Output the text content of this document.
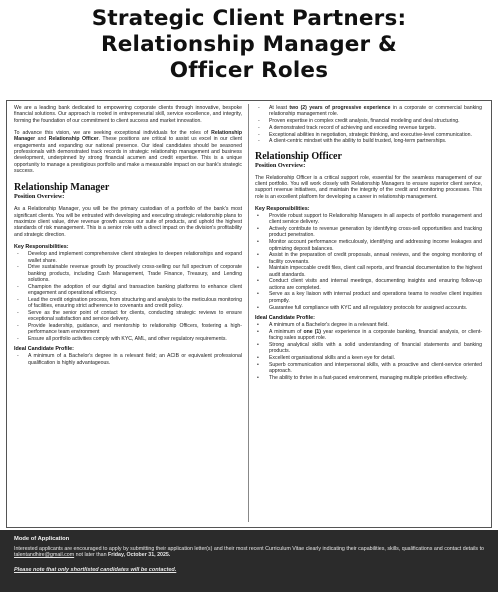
Strategic Client Partners:
Relationship Manager &
Officer Roles

We are a leading bank dedicated to empowering corporate clients through innovative, bespoke financial solutions. Our approach is rooted in entrepreneurial skill, service excellence, and integrity, forming the foundation of our commitment to client success and market innovation.

To advance this vision, we are seeking exceptional individuals for the roles of Relationship Manager and Relationship Officer. These positions are critical to assist us excel in our client engagements and expanding our national presence. Our ideal candidates should be seasoned professionals with demonstrated track records in strategic relationship management and business development, underpinned by strong financial acumen and credit expertise. This is a unique opportunity to manage a prestigious portfolio and make a measurable impact on our bank's strategic success.

Relationship Manager
Position Overview:

As a Relationship Manager, you will be the primary custodian of a portfolio of the bank's most significant clients. You will be entrusted with developing and executing strategic relationship plans to maximize client value, drive revenue growth across our suite of products, and uphold the highest standards of risk management. This is a senior role with a direct impact on the division's profitability and strategic direction.

Key Responsibilities:
- Develop and implement comprehensive client strategies to deepen relationships and expand wallet share.
- Drive sustainable revenue growth by proactively cross-selling our full spectrum of corporate banking products, including Cash Management, Trade Finance, Treasury, and Lending solutions.
- Champion the adoption of our digital and transaction banking platforms to enhance client engagement and operational efficiency.
- Lead the credit origination process, from structuring and analysis to the meticulous monitoring of facilities, ensuring strict adherence to covenants and credit policy.
- Serve as the senior point of contact for clients, conducting strategic reviews to ensure exceptional satisfaction and service delivery.
- Provide leadership, guidance, and mentorship to relationship Officers, fostering a high-performance team environment
- Ensure all portfolio activities comply with KYC, AML, and other regulatory requirements.
Ideal Candidate Profile:
- A minimum of a Bachelor's degree in a relevant field; an ACIB or equivalent professional qualification is highly advantageous.
- At least two (2) years of progressive experience in a corporate or commercial banking relationship management role.
- Proven expertise in complex credit analysis, financial modeling and deal structuring.
- A demonstrated track record of achieving and exceeding revenue targets.
- Exceptional abilities in negotiation, strategic thinking, and executive-level communication.
- A client-centric mindset with the ability to build trusted, long-term partnerships.
Relationship Officer
Position Overview:

The Relationship Officer is a critical support role, essential for the seamless management of our client portfolio. You will work closely with Relationship Managers to ensure superior client service, support revenue initiatives, and maintain the integrity of the credit and monitoring processes. This role is an excellent platform for developing a career in relationship management.

Key Responsibilities:
• Provide robust support to Relationship Managers in all aspects of portfolio management and client service delivery.
• Actively contribute to revenue generation by identifying cross-sell opportunities and tracking product penetration.
• Monitor account performance meticulously, identifying and addressing income leakages and optimizing deposit balances.
• Assist in the preparation of credit proposals, annual reviews, and the ongoing monitoring of facility covenants.
• Maintain impeccable credit files, client call reports, and financial documentation to the highest audit standards.
• Conduct client visits and internal meetings, documenting insights and ensuring follow-up actions are completed.
• Serve as a key liaison with internal product and operations teams to resolve client inquiries promptly.
• Guarantee full compliance with KYC and all regulatory protocols for assigned accounts.
Ideal Candidate Profile:
• A minimum of a Bachelor's degree in a relevant field.
• A minimum of one (1) year experience in a corporate banking, financial analysis, or client-facing sales support role.
• Strong analytical skills with a solid understanding of financial statements and banking products.
• Excellent organisational skills and a keen eye for detail.
• Superb communication and interpersonal skills, with a proactive and client-service oriented approach.
• The ability to thrive in a fast-paced environment, managing multiple priorities effectively.
Mode of Application
Interested applicants are encouraged to apply by submitting their application letter(s) and their most recent Curriculum Vitae clearly indicating their capabilities, skills, qualifications and contact details to talentandhire@gmail.com not later than Friday, October 31, 2025.
Please note that only shortlisted candidates will be contacted.
